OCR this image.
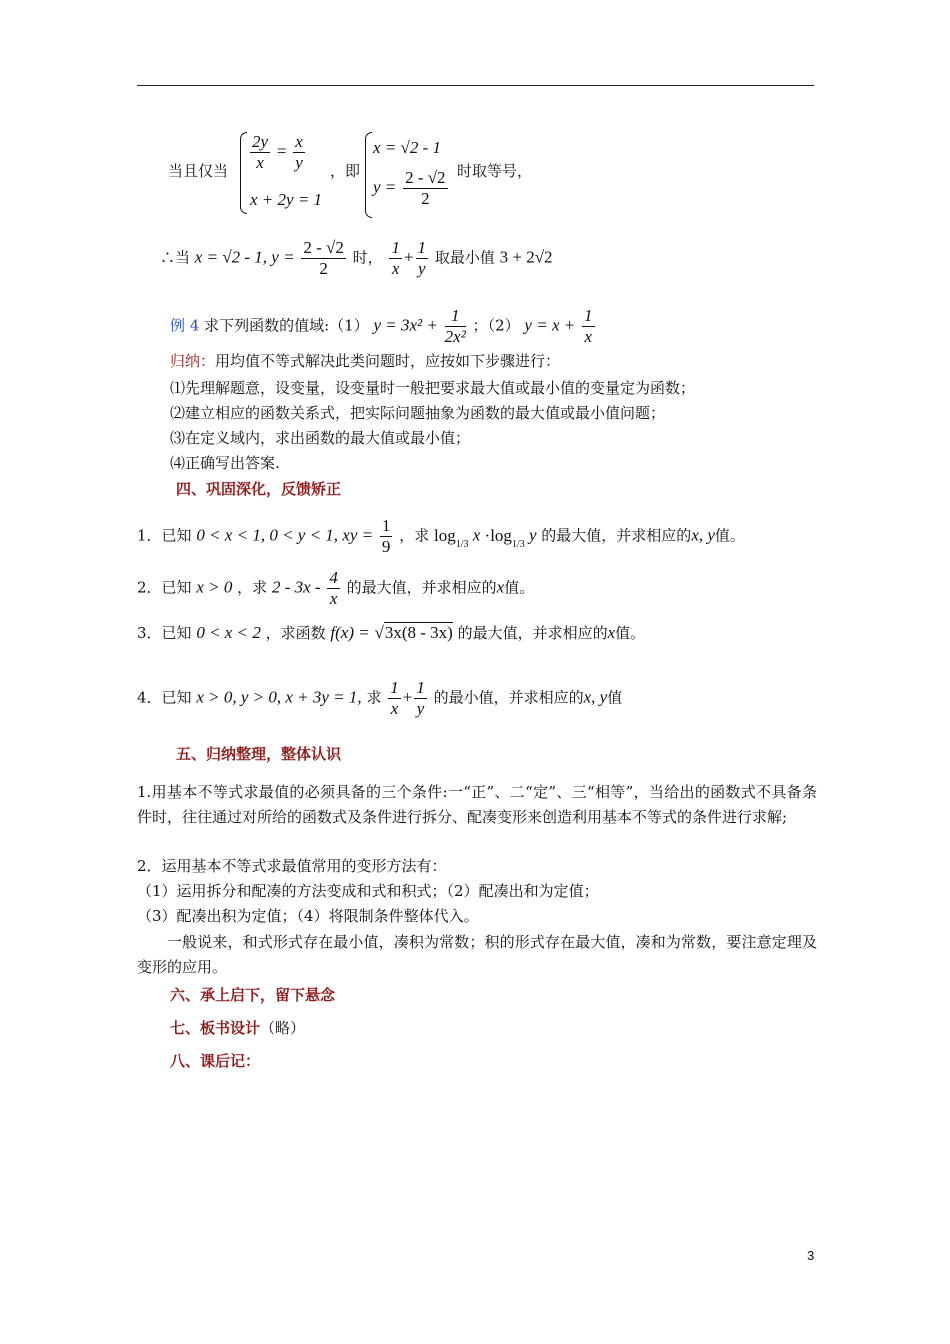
当且仅当 $\frac{2y}{x} = \frac{x}{y}$
x + 2y = 1
，即
x = √2 - 1
$y = \frac{2 - √2}{2}$ 时取等号，
∴当 x = √2 - 1, $y = \frac{2 - √2}{2}$ 时， $\frac{1}{x} + \frac{1}{y}$ 取最小值 3 + 2√2
例 4 求下列函数的值域:（1） $y = 3x^2 + \frac{1}{\text{2x²}}$ ；（2） $y = x + \frac{1}{x}$
归纳：用均值不等式解决此类问题时，应按如下步骤进行：
⑴先理解题意，设变量，设变量时一般把要求最大值或最小值的变量定为函数；
⑵建立相应的函数关系式，把实际问题抽象为函数的最大值或最小值问题；
⑶在定义域内，求出函数的最大值或最小值；
⑷正确写出答案.
四、巩固深化，反馈矫正
1．已知 0 < x < 1, 0 < y < 1, xy = $\frac{1}{9}$ ，求 $\log_{1/3} x \cdot\log_{1/3}$ y 的最大值，并求相应的x, y值。
2．已知 x > 0 ，求 $2 - 3x - \frac{4}{x}$ 的最大值，并求相应的x值。
3．已知 0 < x < 2 ，求函数 f(x) = √3x(8 - 3x) 的最大值，并求相应的x值。
4．已知 x > 0, y > 0, x + 3y = 1, 求 $\frac{1}{x} + \frac{1}{y}$ 的最小值，并求相应的x, y值
五、归纳整理，整体认识
1.用基本不等式求最值的必须具备的三个条件:一“正”、二“定”、三“相等”，当给出的函数式不具备条件时，往往通过对所给的函数式及条件进行拆分、配凑变形来创造利用基本不等式的条件进行求解;
2．运用基本不等式求最值常用的变形方法有：
（1）运用拆分和配凑的方法变成和式和积式；（2）配凑出和为定值；
（3）配凑出积为定值；（4）将限制条件整体代入。
一般说来，和式形式存在最小值，凑积为常数；积的形式存在最大值，凑和为常数，要注意定理及变形的应用。
六、承上启下，留下悬念
七、板书设计（略）
八、课后记：
3
